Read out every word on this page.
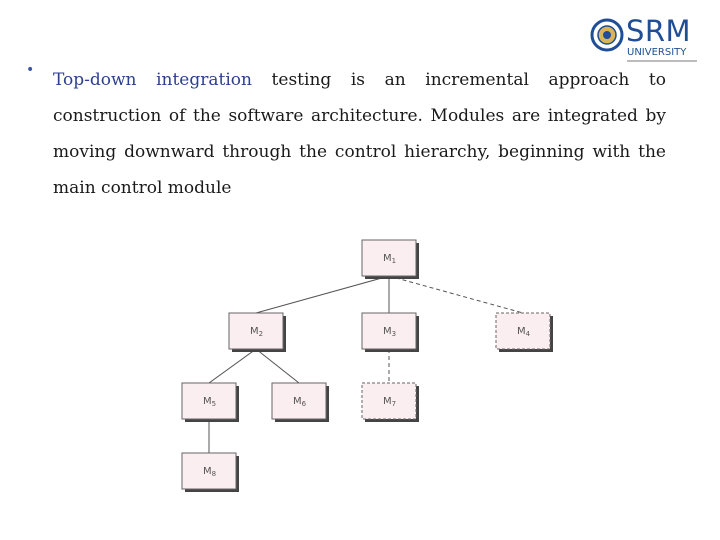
SRM
UNIVERSITY
• Top-down integration testing is an incremental approach to construction of the software architecture. Modules are integrated by moving downward through the control hierarchy, beginning with the main control module

$M_1$
$M_2$	$M_3$	$M_4$
$M_5$	$M_6$	$M_7$
$M_8$
